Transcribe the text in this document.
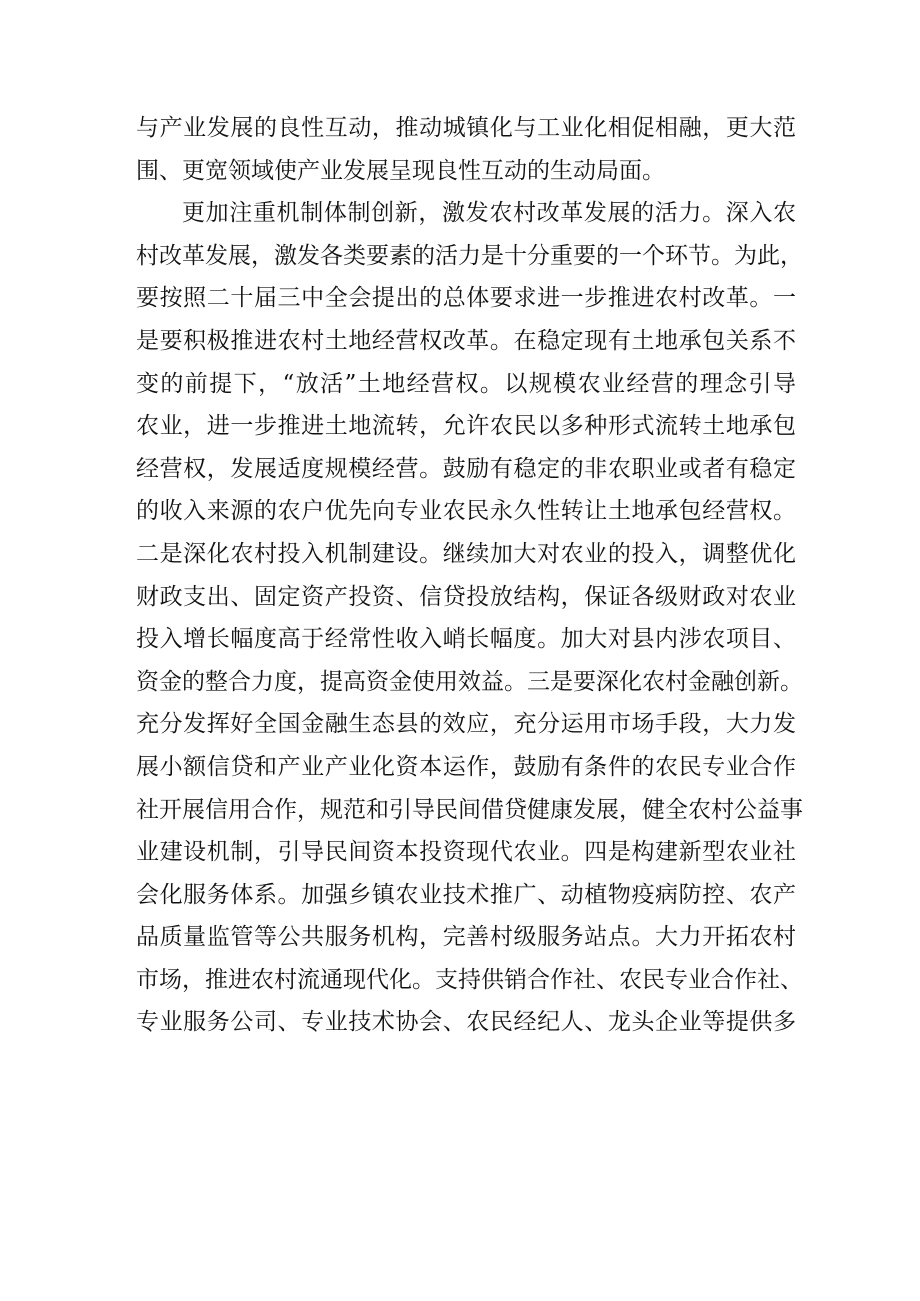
与产业发展的良性互动，推动城镇化与工业化相促相融，更大范
围、更宽领域使产业发展呈现良性互动的生动局面。
更加注重机制体制创新，激发农村改革发展的活力。深入农
村改革发展，激发各类要素的活力是十分重要的一个环节。为此，
要按照二十届三中全会提出的总体要求进一步推进农村改革。一
是要积极推进农村土地经营权改革。在稳定现有土地承包关系不
变的前提下，“放活”土地经营权。以规模农业经营的理念引导
农业，进一步推进土地流转，允许农民以多种形式流转土地承包
经营权，发展适度规模经营。鼓励有稳定的非农职业或者有稳定
的收入来源的农户优先向专业农民永久性转让土地承包经营权。
二是深化农村投入机制建设。继续加大对农业的投入，调整优化
财政支出、固定资产投资、信贷投放结构，保证各级财政对农业
投入增长幅度高于经常性收入峭长幅度。加大对县内涉农项目、
资金的整合力度，提高资金使用效益。三是要深化农村金融创新。
充分发挥好全国金融生态县的效应，充分运用市场手段，大力发
展小额信贷和产业产业化资本运作，鼓励有条件的农民专业合作
社开展信用合作，规范和引导民间借贷健康发展，健全农村公益事
业建设机制，引导民间资本投资现代农业。四是构建新型农业社
会化服务体系。加强乡镇农业技术推广、动植物疫病防控、农产
品质量监管等公共服务机构，完善村级服务站点。大力开拓农村
市场，推进农村流通现代化。支持供销合作社、农民专业合作社、
专业服务公司、专业技术协会、农民经纪人、龙头企业等提供多
